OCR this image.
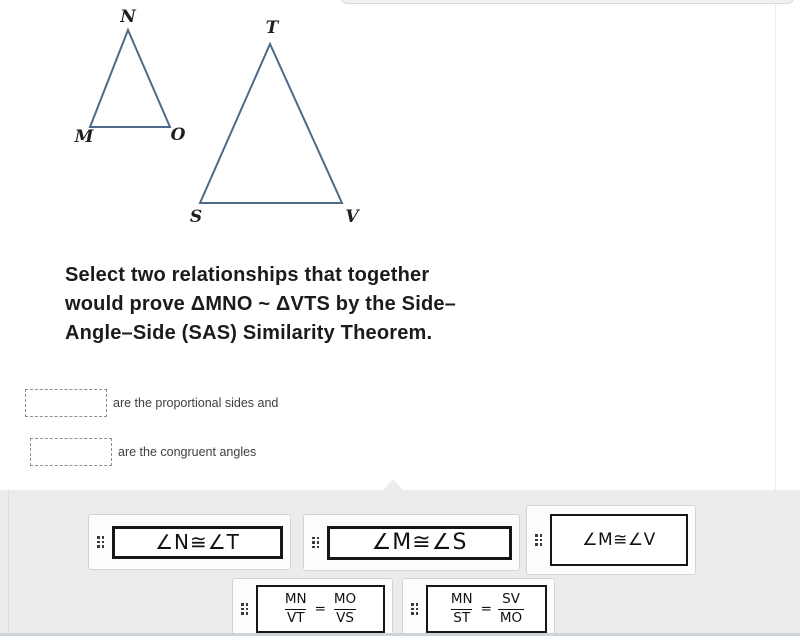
N
M	O
T
S	V
Select two relationships that together
would prove ΔMNO ~ ΔVTS by the Side–
Angle–Side (SAS) Similarity Theorem.
are the proportional sides and
are the congruent angles
∠N≅∠T	∠M≅∠S	∠M≅∠V
$\frac{MN}{VT} = \frac{MO}{VS}$	$\frac{MN}{ST} = \frac{SV}{MO}$
